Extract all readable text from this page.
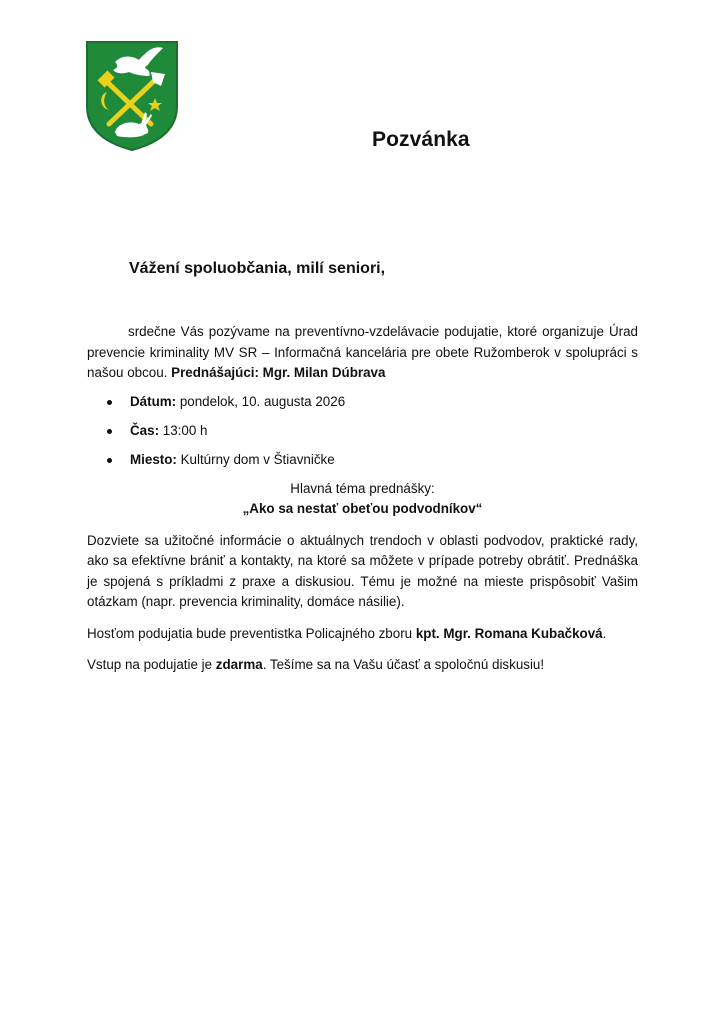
Pozvánka
Vážení spoluobčania, milí seniori,

srdečne Vás pozývame na preventívno-vzdelávacie podujatie, ktoré organizuje Úrad prevencie kriminality MV SR – Informačná kancelária pre obete Ružomberok v spolupráci s našou obcou. Prednášajúci: Mgr. Milan Dúbrava

Dátum: pondelok, 10. augusta 2026
Čas: 13:00 h
Miesto: Kultúrny dom v Štiavničke

Hlavná téma prednášky:

„Ako sa nestať obeťou podvodníkov“

Dozviete sa užitočné informácie o aktuálnych trendoch v oblasti podvodov, praktické rady, ako sa efektívne brániť a kontakty, na ktoré sa môžete v prípade potreby obrátiť. Prednáška je spojená s príkladmi z praxe a diskusiou. Tému je možné na mieste prispôsobiť Vašim otázkam (napr. prevencia kriminality, domáce násilie).

Hosťom podujatia bude preventistka Policajného zboru kpt. Mgr. Romana Kubačková.

Vstup na podujatie je zdarma. Tešíme sa na Vašu účasť a spoločnú diskusiu!
